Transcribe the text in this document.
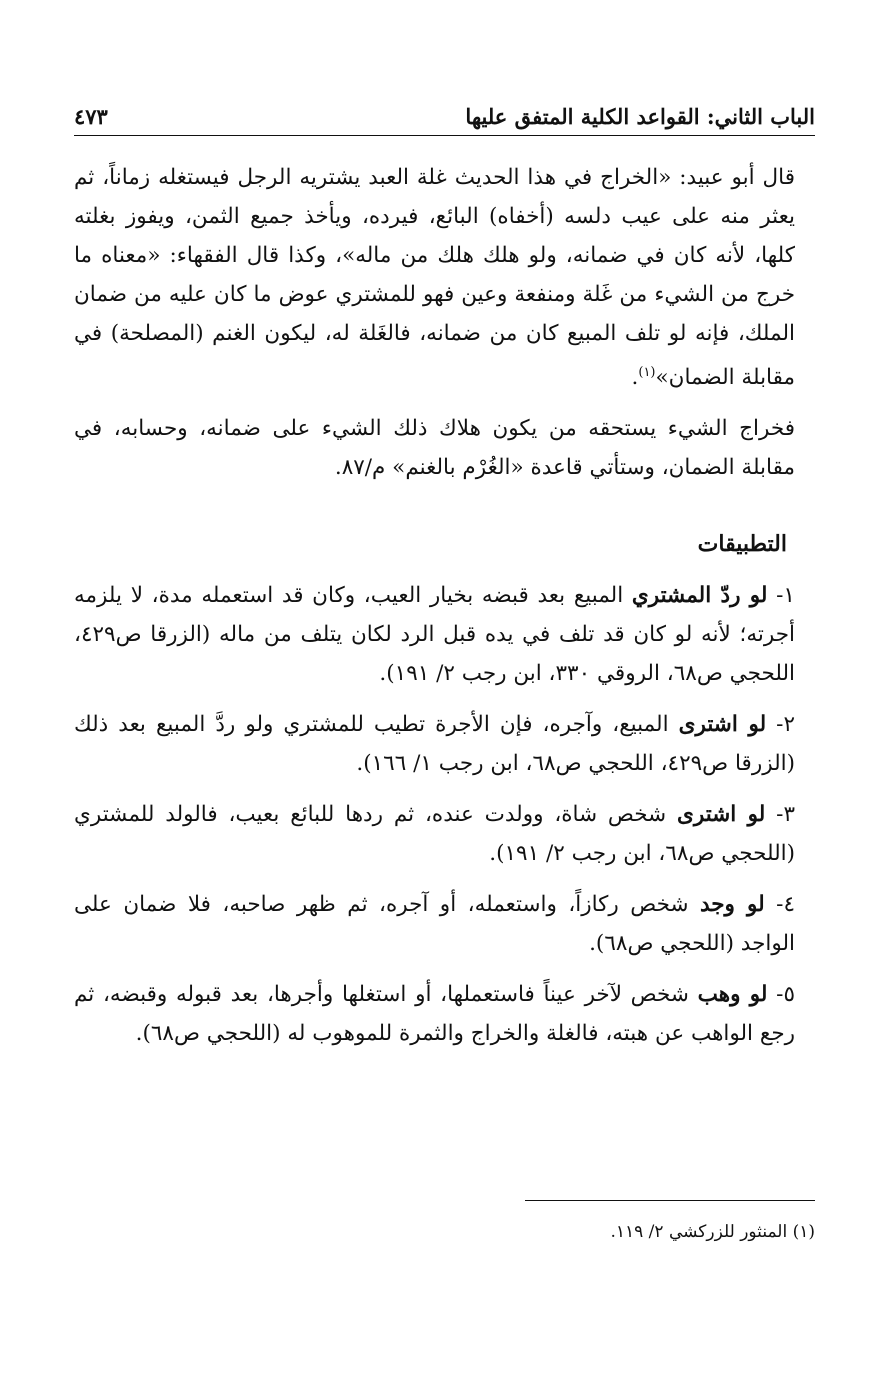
الباب الثاني: القواعد الكلية المتفق عليها
٤٧٣

قال أبو عبيد: «الخراج في هذا الحديث غلة العبد يشتريه الرجل فيستغله زماناً، ثم يعثر منه على عيب دلسه (أخفاه) البائع، فيرده، ويأخذ جميع الثمن، ويفوز بغلته كلها، لأنه كان في ضمانه، ولو هلك هلك من ماله»، وكذا قال الفقهاء: «معناه ما خرج من الشيء من غَلة ومنفعة وعين فهو للمشتري عوض ما كان عليه من ضمان الملك، فإنه لو تلف المبيع كان من ضمانه، فالغَلة له، ليكون الغنم (المصلحة) في مقابلة الضمان»$^{(١)}$.

فخراج الشيء يستحقه من يكون هلاك ذلك الشيء على ضمانه، وحسابه، في مقابلة الضمان، وستأتي قاعدة «الغُرْم بالغنم» م/٨٧.

التطبيقات

١- لو ردّ المشتري المبيع بعد قبضه بخيار العيب، وكان قد استعمله مدة، لا يلزمه أجرته؛ لأنه لو كان قد تلف في يده قبل الرد لكان يتلف من ماله (الزرقا ص٤٢٩، اللحجي ص٦٨، الروقي ٣٣٠، ابن رجب ٢/ ١٩١).

٢- لو اشترى المبيع، وآجره، فإن الأجرة تطيب للمشتري ولو ردَّ المبيع بعد ذلك (الزرقا ص٤٢٩، اللحجي ص٦٨، ابن رجب ١/ ١٦٦).

٣- لو اشترى شخص شاة، وولدت عنده، ثم ردها للبائع بعيب، فالولد للمشتري (اللحجي ص٦٨، ابن رجب ٢/ ١٩١).

٤- لو وجد شخص ركازاً، واستعمله، أو آجره، ثم ظهر صاحبه، فلا ضمان على الواجد (اللحجي ص٦٨).

٥- لو وهب شخص لآخر عيناً فاستعملها، أو استغلها وأجرها، بعد قبوله وقبضه، ثم رجع الواهب عن هبته، فالغلة والخراج والثمرة للموهوب له (اللحجي ص٦٨).

(١) المنثور للزركشي ٢/ ١١٩.
